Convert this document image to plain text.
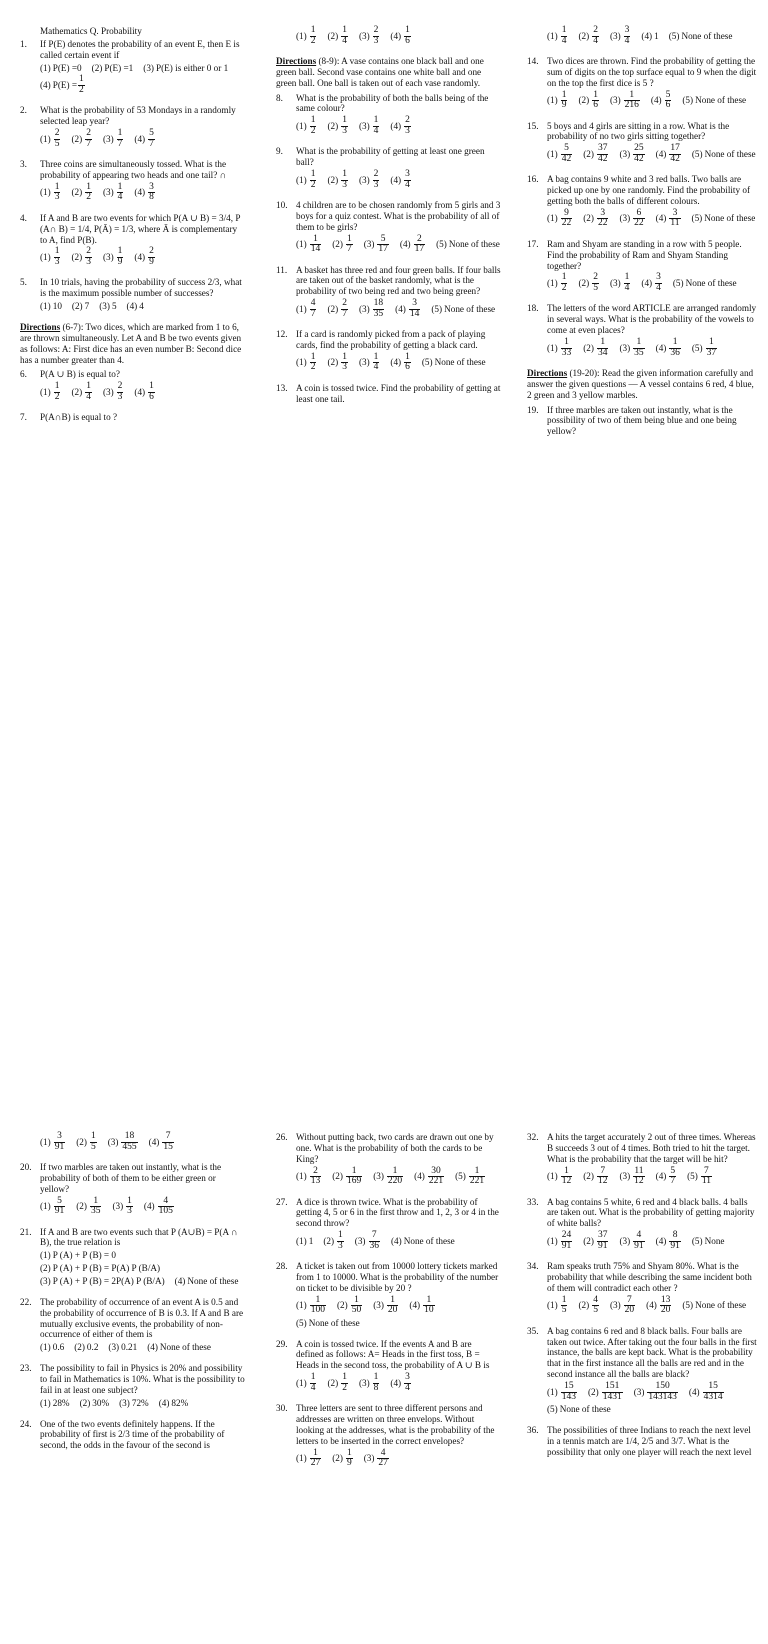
Mathematics Q. Probability
1.	If P(E) denotes the probability of an event E, then E is called certain event if
(1) P(E) =0 (2) P(E) =1 (3) P(E) is either 0 or 1
(4) $P(E) = \frac{1}{2}$
2.	What is the probability of 53 Mondays in a randomly selected leap year?
$(1) \frac{2}{5} (2) \frac{2}{7} (3) \frac{1}{7} (4) \frac{5}{7}$
3.	Three coins are simultaneously tossed. What is the probability of appearing two heads and one tail? ∩
$(1) \frac{1}{3} (2) \frac{1}{2} (3) \frac{1}{4} (4) \frac{3}{8}$
4.	If A and B are two events for which P(A ∪ B) = 3/4, P (A∩ B) = 1/4, P(Ā) = 1/3, where Ā is complementary to A, find P(B).
$(1) \frac{1}{3} (2) \frac{2}{3} (3) \frac{1}{9} (4) \frac{2}{9}$
5.	In 10 trials, having the probability of success 2/3, what is the maximum possible number of successes?
(1) 10 (2) 7 (3) 5 (4) 4
Directions (6-7): Two dices, which are marked from 1 to 6, are thrown simultaneously. Let A and B be two events given as follows: A: First dice has an even number B: Second dice has a number greater than 4.
6.	P(A ∪ B) is equal to?
$(1) \frac{1}{2} (2) \frac{1}{4} (3) \frac{2}{3} (4) \frac{1}{6}$
7.	P(A∩B) is equal to ?
$(1) \frac{1}{2} (2) \frac{1}{4} (3) \frac{2}{3} (4) \frac{1}{6}$
Directions (8-9): A vase contains one black ball and one green ball. Second vase contains one white ball and one green ball. One ball is taken out of each vase randomly.
8.	What is the probability of both the balls being of the same colour?
$(1) \frac{1}{2} (2) \frac{1}{3} (3) \frac{1}{4} (4) \frac{2}{3}$
9.	What is the probability of getting at least one green ball?
$(1) \frac{1}{2} (2) \frac{1}{3} (3) \frac{2}{3} (4) \frac{3}{4}$
10. 4 children are to be chosen randomly from 5 girls and 3 boys for a quiz contest. What is the probability of all of them to be girls?
$(1) \frac{1}{14} (2) \frac{1}{7} (3) \frac{5}{17} (4) \frac{2}{17} (5)$ None of these
11. A basket has three red and four green balls. If four balls are taken out of the basket randomly, what is the probability of two being red and two being green?
$(1) \frac{4}{7} (2) \frac{2}{7} (3) \frac{18}{35} (4) \frac{3}{14} (5)$ None of these
12. If a card is randomly picked from a pack of playing cards, find the probability of getting a black card.
$(1) \frac{1}{2} (2) \frac{1}{3} (3) \frac{1}{4} (4) \frac{1}{6} (5)$ None of these
13. A coin is tossed twice. Find the probability of getting at least one tail.
$(1) \frac{1}{4} (2) \frac{2}{4} (3) \frac{3}{4} (4)$ 1 (5) None of these
14. Two dices are thrown. Find the probability of getting the sum of digits on the top surface equal to 9 when the digit on the top the first dice is 5 ?
$(1) \frac{1}{9} (2) \frac{1}{6} (3) \frac{1}{216} (4) \frac{5}{6} (5)$ None of these
15. 5 boys and 4 girls are sitting in a row. What is the probability of no two girls sitting together?
$(1) \frac{5}{42} (2) \frac{37}{42} (3) \frac{25}{42} (4) \frac{17}{42} (5)$ None of these
16. A bag contains 9 white and 3 red balls. Two balls are picked up one by one randomly. Find the probability of getting both the balls of different colours.
$(1) \frac{9}{22} (2) \frac{3}{22} (3) \frac{6}{22} (4) \frac{3}{11} (5)$ None of these
17. Ram and Shyam are standing in a row with 5 people. Find the probability of Ram and Shyam Standing together?
$(1) \frac{1}{2} (2) \frac{2}{5} (3) \frac{1}{4} (4) \frac{3}{4} (5)$ None of these
18. The letters of the word ARTICLE are arranged randomly in several ways. What is the probability of the vowels to come at even places?
$(1) \frac{1}{33} (2) \frac{1}{34} (3) \frac{1}{35} (4) \frac{1}{36} (5) \frac{1}{37}$
Directions (19-20): Read the given information carefully and answer the given questions — A vessel contains 6 red, 4 blue, 2 green and 3 yellow marbles.
19. If three marbles are taken out instantly, what is the possibility of two of them being blue and one being yellow?
$(1) \frac{3}{91} (2) \frac{1}{5} (3) \frac{18}{455} (4) \frac{7}{15}$
20. If two marbles are taken out instantly, what is the probability of both of them to be either green or yellow?
$(1) \frac{5}{91} (2) \frac{1}{35} (3) \frac{1}{3} (4) \frac{4}{105}$
21. If A and B are two events such that P (A∪B) = P(A ∩ B), the true relation is
(1) P (A) + P (B) = 0
(2) P (A) + P (B) = P(A) P (B/A)
(3) P (A) + P (B) = 2P(A) P (B/A) (4) None of these
22. The probability of occurrence of an event A is 0.5 and the probability of occurrence of B is 0.3. If A and B are mutually exclusive events, the probability of non-occurrence of either of them is
(1) 0.6 (2) 0.2 (3) 0.21 (4) None of these
23. The possibility to fail in Physics is 20% and possibility to fail in Mathematics is 10%. What is the possibility to fail in at least one subject?
(1) 28% (2) 30% (3) 72% (4) 82%
24. One of the two events definitely happens. If the probability of first is 2/3 time of the probability of second, the odds in the favour of the second is
26. Without putting back, two cards are drawn out one by one. What is the probability of both the cards to be King?
$(1) \frac{2}{13} (2) \frac{1}{169} (3) \frac{1}{220} (4) \frac{30}{221} (5) \frac{1}{221}$
27. A dice is thrown twice. What is the probability of getting 4, 5 or 6 in the first throw and 1, 2, 3 or 4 in the second throw?
(1) 1 $(2) \frac{1}{3} (3) \frac{7}{36} (4)$ None of these
28. A ticket is taken out from 10000 lottery tickets marked from 1 to 10000. What is the probability of the number on ticket to be divisible by 20 ?
$(1) \frac{1}{100} (2) \frac{1}{50} (3) \frac{1}{20} (4) \frac{1}{10}$
(5) None of these
29. A coin is tossed twice. If the events A and B are defined as follows: A= Heads in the first toss, B = Heads in the second toss, the probability of A ∪ B is
$(1) \frac{1}{4} (2) \frac{1}{2} (3) \frac{1}{8} (4) \frac{3}{4}$
30. Three letters are sent to three different persons and addresses are written on three envelops. Without looking at the addresses, what is the probability of the letters to be inserted in the correct envelopes?
$(1) \frac{1}{27} (2) \frac{1}{9} (3) \frac{4}{27}$
32. A hits the target accurately 2 out of three times. Whereas B succeeds 3 out of 4 times. Both tried to hit the target. What is the probability that the target will be hit?
$(1) \frac{1}{12} (2) \frac{7}{12} (3) \frac{11}{12} (4) \frac{5}{7} (5) \frac{7}{11}$
33. A bag contains 5 white, 6 red and 4 black balls. 4 balls are taken out. What is the probability of getting majority of white balls?
$(1) \frac{24}{91} (2) \frac{37}{91} (3) \frac{4}{91} (4) \frac{8}{91} (5)$ None
34. Ram speaks truth 75% and Shyam 80%. What is the probability that while describing the same incident both of them will contradict each other ?
$(1) \frac{1}{5} (2) \frac{4}{5} (3) \frac{7}{20} (4) \frac{13}{20} (5)$ None of these
35. A bag contains 6 red and 8 black balls. Four balls are taken out twice. After taking out the four balls in the first instance, the balls are kept back. What is the probability that in the first instance all the balls are red and in the second instance all the balls are black?
$(1) \frac{15}{143} (2) \frac{151}{1431} (3) \frac{150}{143143} (4) \frac{15}{4314}$
(5) None of these
36. The possibilities of three Indians to reach the next level in a tennis match are 1/4, 2/5 and 3/7. What is the possibility that only one player will reach the next level
